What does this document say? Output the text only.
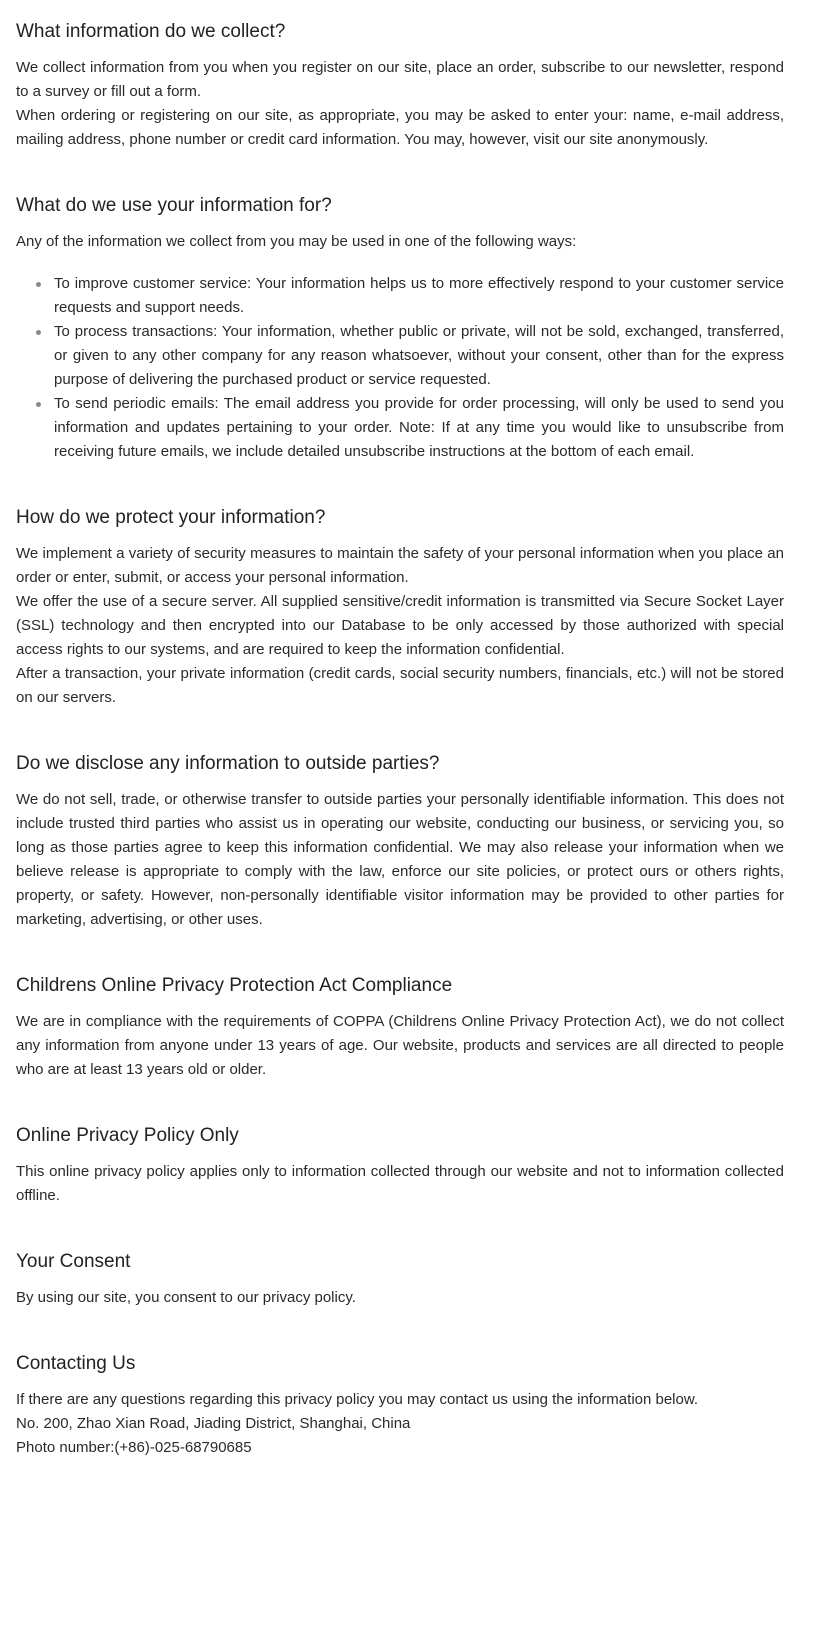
What information do we collect?

We collect information from you when you register on our site, place an order, subscribe to our newsletter, respond to a survey or fill out a form.

When ordering or registering on our site, as appropriate, you may be asked to enter your: name, e-mail address, mailing address, phone number or credit card information. You may, however, visit our site anonymously.

What do we use your information for?

Any of the information we collect from you may be used in one of the following ways:

To improve customer service: Your information helps us to more effectively respond to your customer service requests and support needs.
To process transactions: Your information, whether public or private, will not be sold, exchanged, transferred, or given to any other company for any reason whatsoever, without your consent, other than for the express purpose of delivering the purchased product or service requested.
To send periodic emails: The email address you provide for order processing, will only be used to send you information and updates pertaining to your order. Note: If at any time you would like to unsubscribe from receiving future emails, we include detailed unsubscribe instructions at the bottom of each email.
How do we protect your information?

We implement a variety of security measures to maintain the safety of your personal information when you place an order or enter, submit, or access your personal information.

We offer the use of a secure server. All supplied sensitive/credit information is transmitted via Secure Socket Layer (SSL) technology and then encrypted into our Database to be only accessed by those authorized with special access rights to our systems, and are required to keep the information confidential.

After a transaction, your private information (credit cards, social security numbers, financials, etc.) will not be stored on our servers.

Do we disclose any information to outside parties?

We do not sell, trade, or otherwise transfer to outside parties your personally identifiable information. This does not include trusted third parties who assist us in operating our website, conducting our business, or servicing you, so long as those parties agree to keep this information confidential. We may also release your information when we believe release is appropriate to comply with the law, enforce our site policies, or protect ours or others rights, property, or safety. However, non-personally identifiable visitor information may be provided to other parties for marketing, advertising, or other uses.

Childrens Online Privacy Protection Act Compliance

We are in compliance with the requirements of COPPA (Childrens Online Privacy Protection Act), we do not collect any information from anyone under 13 years of age. Our website, products and services are all directed to people who are at least 13 years old or older.

Online Privacy Policy Only

This online privacy policy applies only to information collected through our website and not to information collected offline.

Your Consent

By using our site, you consent to our privacy policy.

Contacting Us

If there are any questions regarding this privacy policy you may contact us using the information below.

No. 200, Zhao Xian Road, Jiading District, Shanghai, China

Photo number:(+86)-025-68790685
